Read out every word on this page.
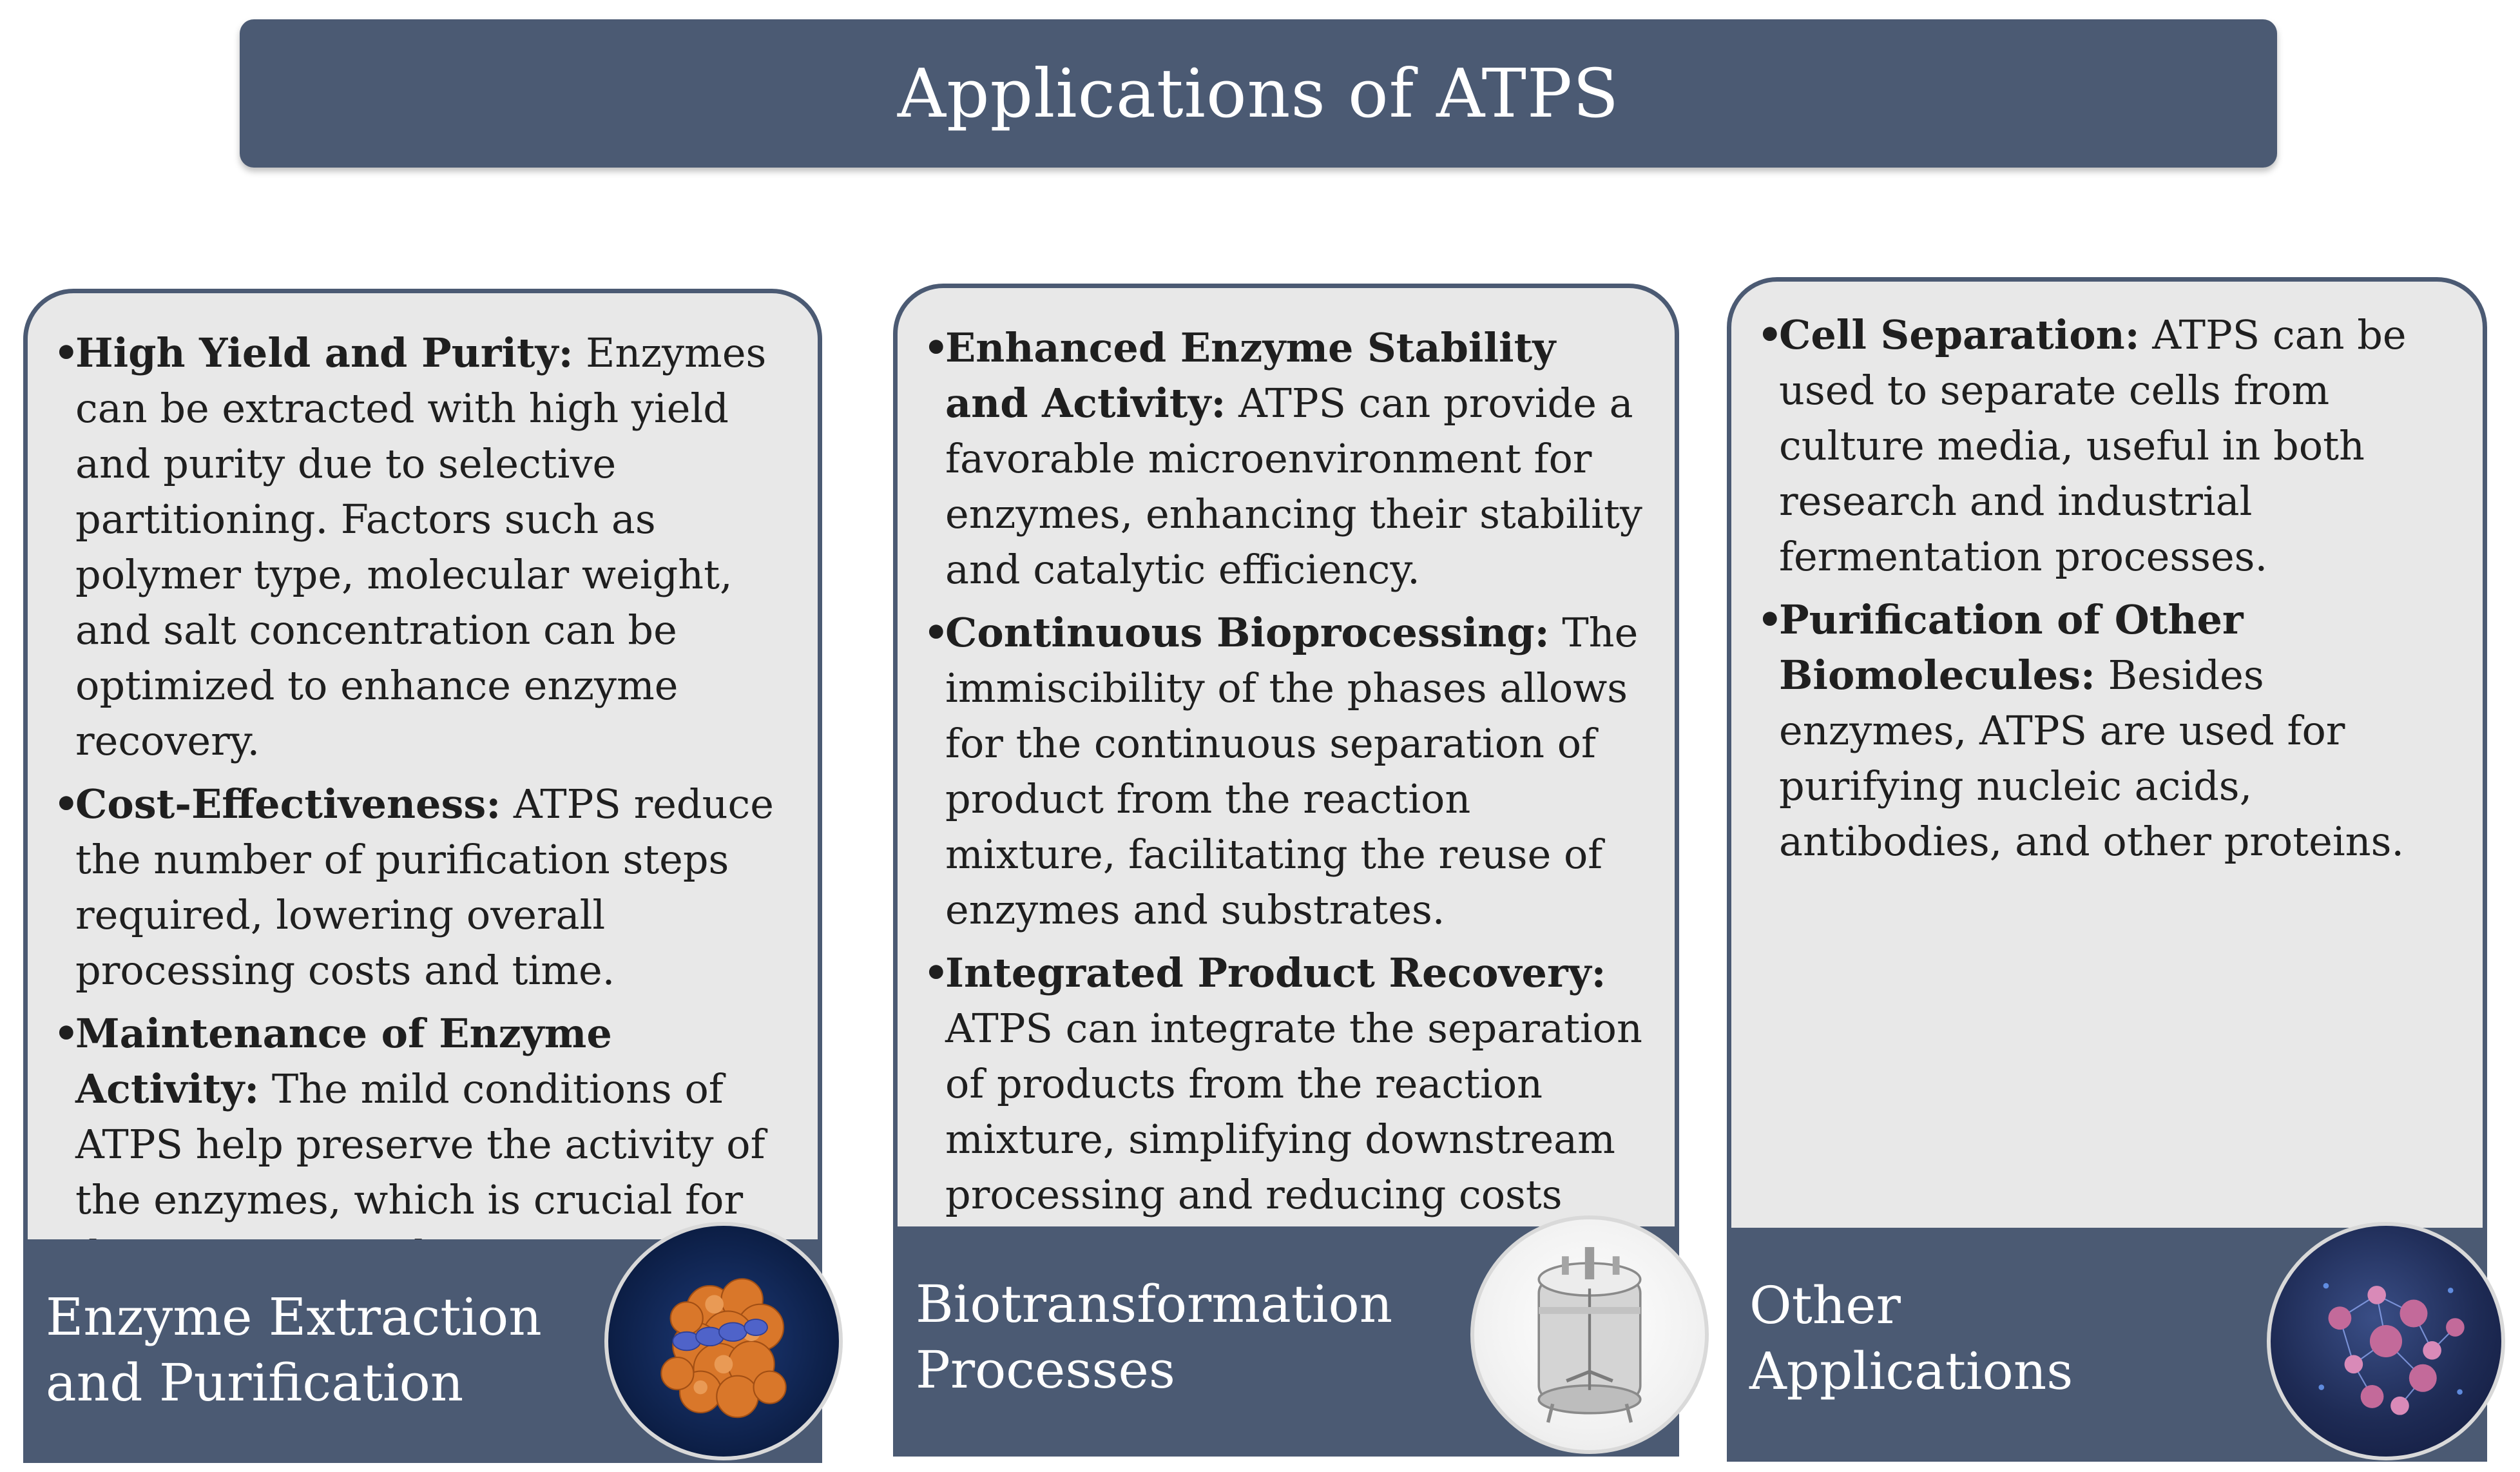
Applications of ATPS
•High Yield and Purity: Enzymes can be extracted with high yield and purity due to selective partitioning. Factors such as polymer type, molecular weight, and salt concentration can be optimized to enhance enzyme recovery.
•Cost-Effectiveness: ATPS reduce the number of purification steps required, lowering overall processing costs and time.
•Maintenance of Enzyme Activity: The mild conditions of ATPS help preserve the activity of the enzymes, which is crucial for
Enzyme Extraction
and Purification
•Enhanced Enzyme Stability and Activity: ATPS can provide a favorable microenvironment for enzymes, enhancing their stability and catalytic efficiency.
•Continuous Bioprocessing: The immiscibility of the phases allows for the continuous separation of product from the reaction mixture, facilitating the reuse of enzymes and substrates.
•Integrated Product Recovery: ATPS can integrate the separation of products from the reaction mixture, simplifying downstream processing and reducing costs
Biotransformation
Processes
•Cell Separation: ATPS can be used to separate cells from culture media, useful in both research and industrial fermentation processes.
•Purification of Other Biomolecules: Besides enzymes, ATPS are used for purifying nucleic acids, antibodies, and other proteins.
Other
Applications
